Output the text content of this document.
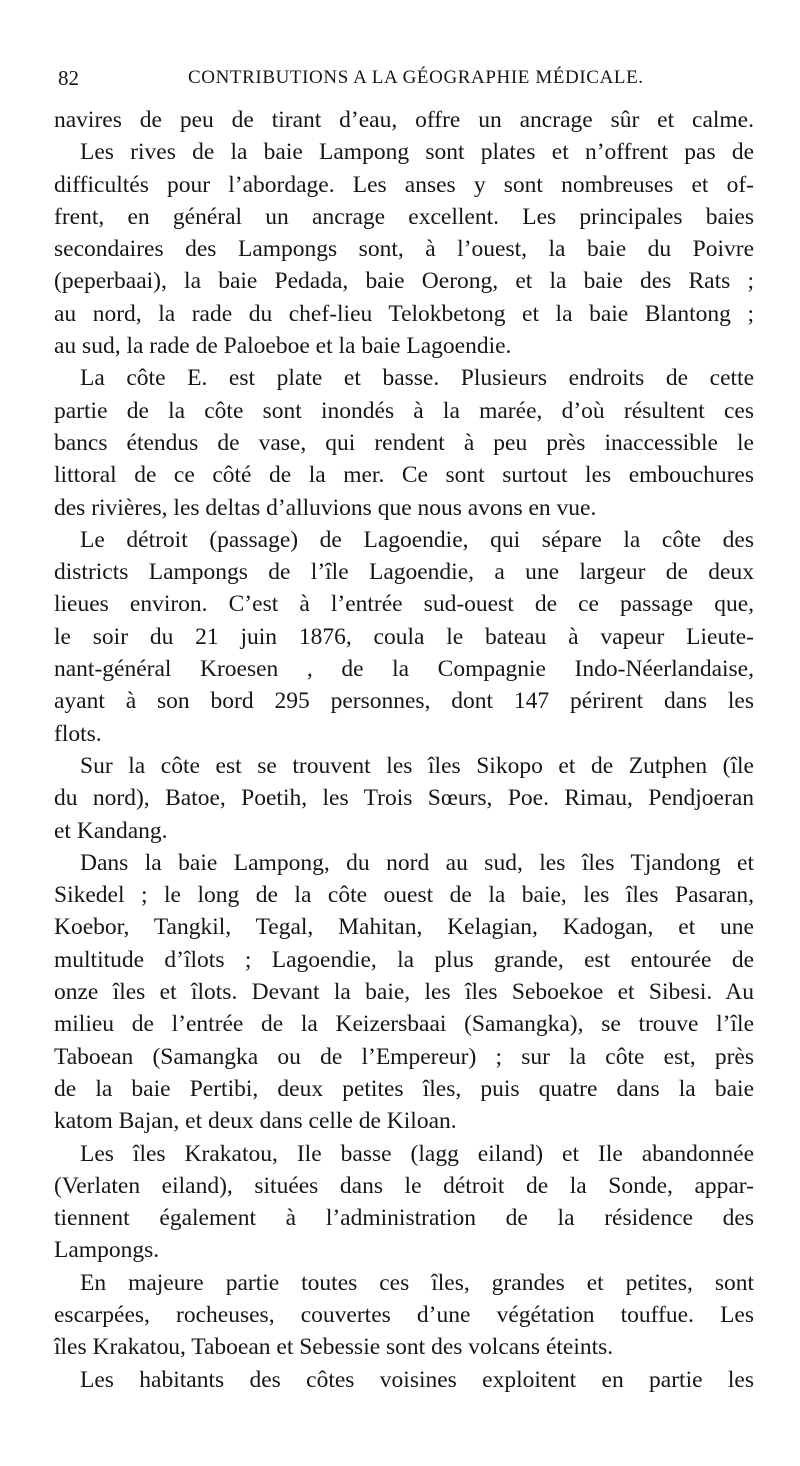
82	CONTRIBUTIONS A LA GÉOGRAPHIE MÉDICALE.
navires de peu de tirant d’eau, offre un ancrage sûr et calme.
Les rives de la baie Lampong sont plates et n’offrent pas de
difficultés pour l’abordage. Les anses y sont nombreuses et of-
frent, en général un ancrage excellent. Les principales baies
secondaires des Lampongs sont, à l’ouest, la baie du Poivre
(peperbaai), la baie Pedada, baie Oerong, et la baie des Rats ;
au nord, la rade du chef-lieu Telokbetong et la baie Blantong ;
au sud, la rade de Paloeboe et la baie Lagoendie.
La côte E. est plate et basse. Plusieurs endroits de cette
partie de la côte sont inondés à la marée, d’où résultent ces
bancs étendus de vase, qui rendent à peu près inaccessible le
littoral de ce côté de la mer. Ce sont surtout les embouchures
des rivières, les deltas d’alluvions que nous avons en vue.
Le détroit (passage) de Lagoendie, qui sépare la côte des
districts Lampongs de l’île Lagoendie, a une largeur de deux
lieues environ. C’est à l’entrée sud-ouest de ce passage que,
le soir du 21 juin 1876, coula le bateau à vapeur Lieute-
nant-général Kroesen , de la Compagnie Indo-Néerlandaise,
ayant à son bord 295 personnes, dont 147 périrent dans les
flots.
Sur la côte est se trouvent les îles Sikopo et de Zutphen (île
du nord), Batoe, Poetih, les Trois Sœurs, Poe. Rimau, Pendjoeran
et Kandang.
Dans la baie Lampong, du nord au sud, les îles Tjandong et
Sikedel ; le long de la côte ouest de la baie, les îles Pasaran,
Koebor, Tangkil, Tegal, Mahitan, Kelagian, Kadogan, et une
multitude d’îlots ; Lagoendie, la plus grande, est entourée de
onze îles et îlots. Devant la baie, les îles Seboekoe et Sibesi. Au
milieu de l’entrée de la Keizersbaai (Samangka), se trouve l’île
Taboean (Samangka ou de l’Empereur) ; sur la côte est, près
de la baie Pertibi, deux petites îles, puis quatre dans la baie
katom Bajan, et deux dans celle de Kiloan.
Les îles Krakatou, Ile basse (lagg eiland) et Ile abandonnée
(Verlaten eiland), situées dans le détroit de la Sonde, appar-
tiennent également à l’administration de la résidence des
Lampongs.
En majeure partie toutes ces îles, grandes et petites, sont
escarpées, rocheuses, couvertes d’une végétation touffue. Les
îles Krakatou, Taboean et Sebessie sont des volcans éteints.
Les habitants des côtes voisines exploitent en partie les
